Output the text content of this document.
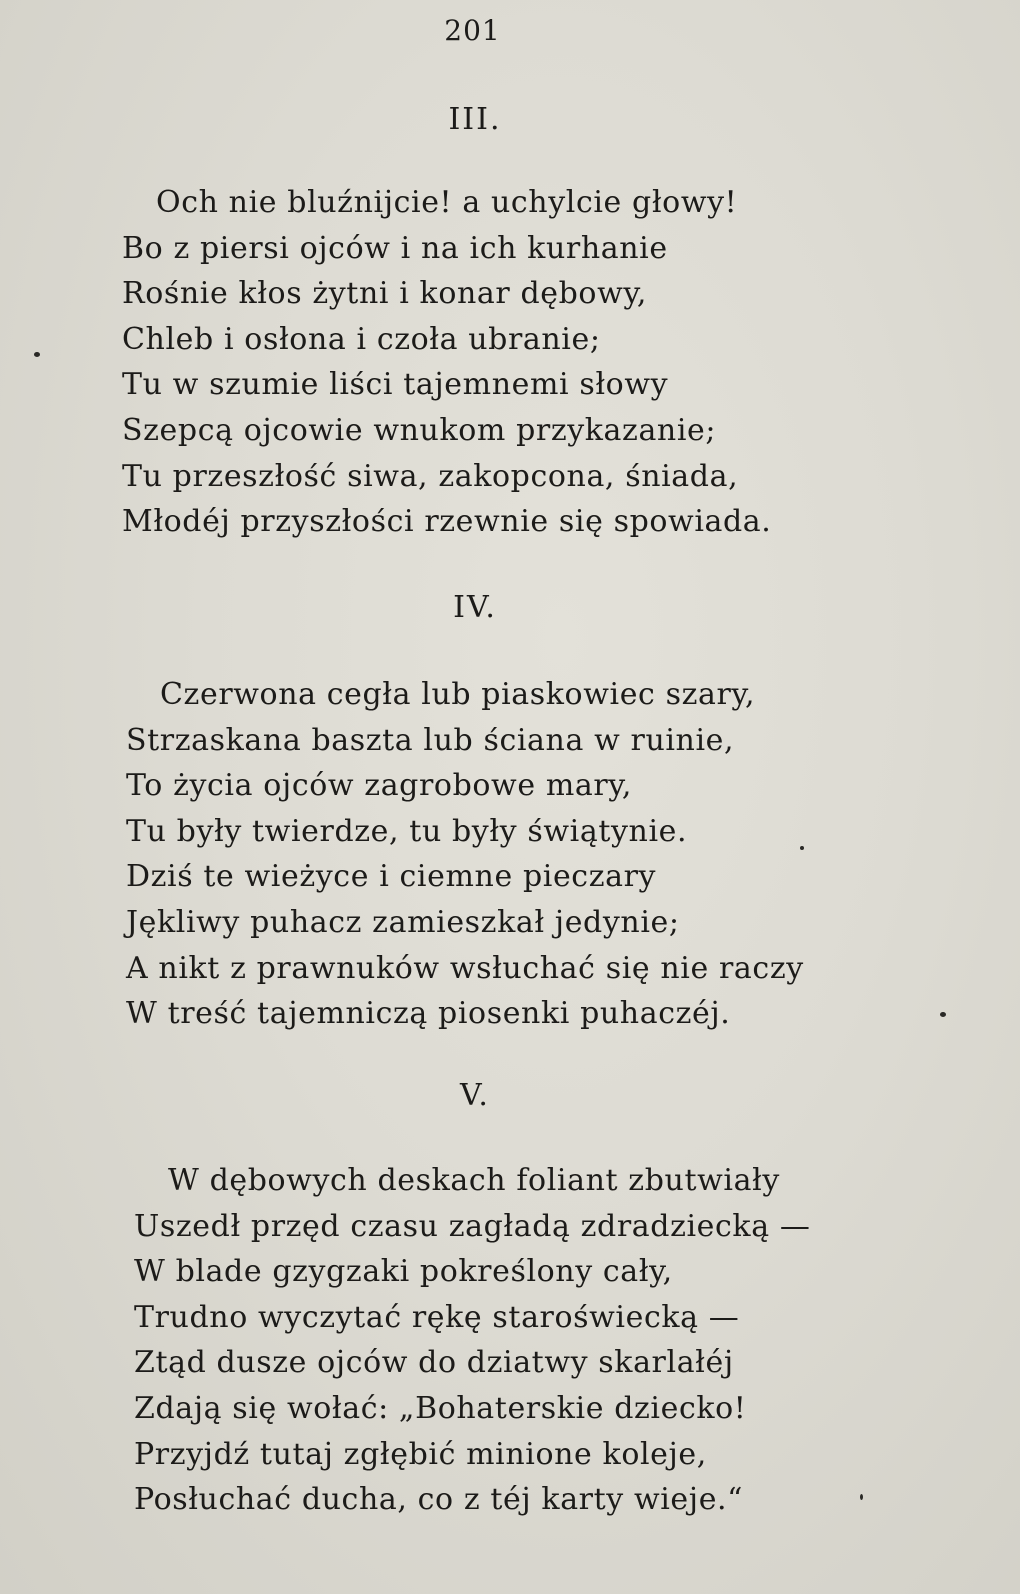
201
III.
Och nie bluźnijcie! a uchylcie głowy!
Bo z piersi ojców i na ich kurhanie
Rośnie kłos żytni i konar dębowy,
Chleb i osłona i czoła ubranie;
Tu w szumie liści tajemnemi słowy
Szepcą ojcowie wnukom przykazanie;
Tu przeszłość siwa, zakopcona, śniada,
Młodéj przyszłości rzewnie się spowiada.
IV.
Czerwona cegła lub piaskowiec szary,
Strzaskana baszta lub ściana w ruinie,
To życia ojców zagrobowe mary,
Tu były twierdze, tu były świątynie.
Dziś te wieżyce i ciemne pieczary
Jękliwy puhacz zamieszkał jedynie;
A nikt z prawnuków wsłuchać się nie raczy
W treść tajemniczą piosenki puhaczéj.
V.
W dębowych deskach foliant zbutwiały
Uszedł przęd czasu zagładą zdradziecką —
W blade gzygzaki pokreślony cały,
Trudno wyczytać rękę staroświecką —
Ztąd dusze ojców do dziatwy skarlałéj
Zdają się wołać: „Bohaterskie dziecko!
Przyjdź tutaj zgłębić minione koleje,
Posłuchać ducha, co z téj karty wieje.“
